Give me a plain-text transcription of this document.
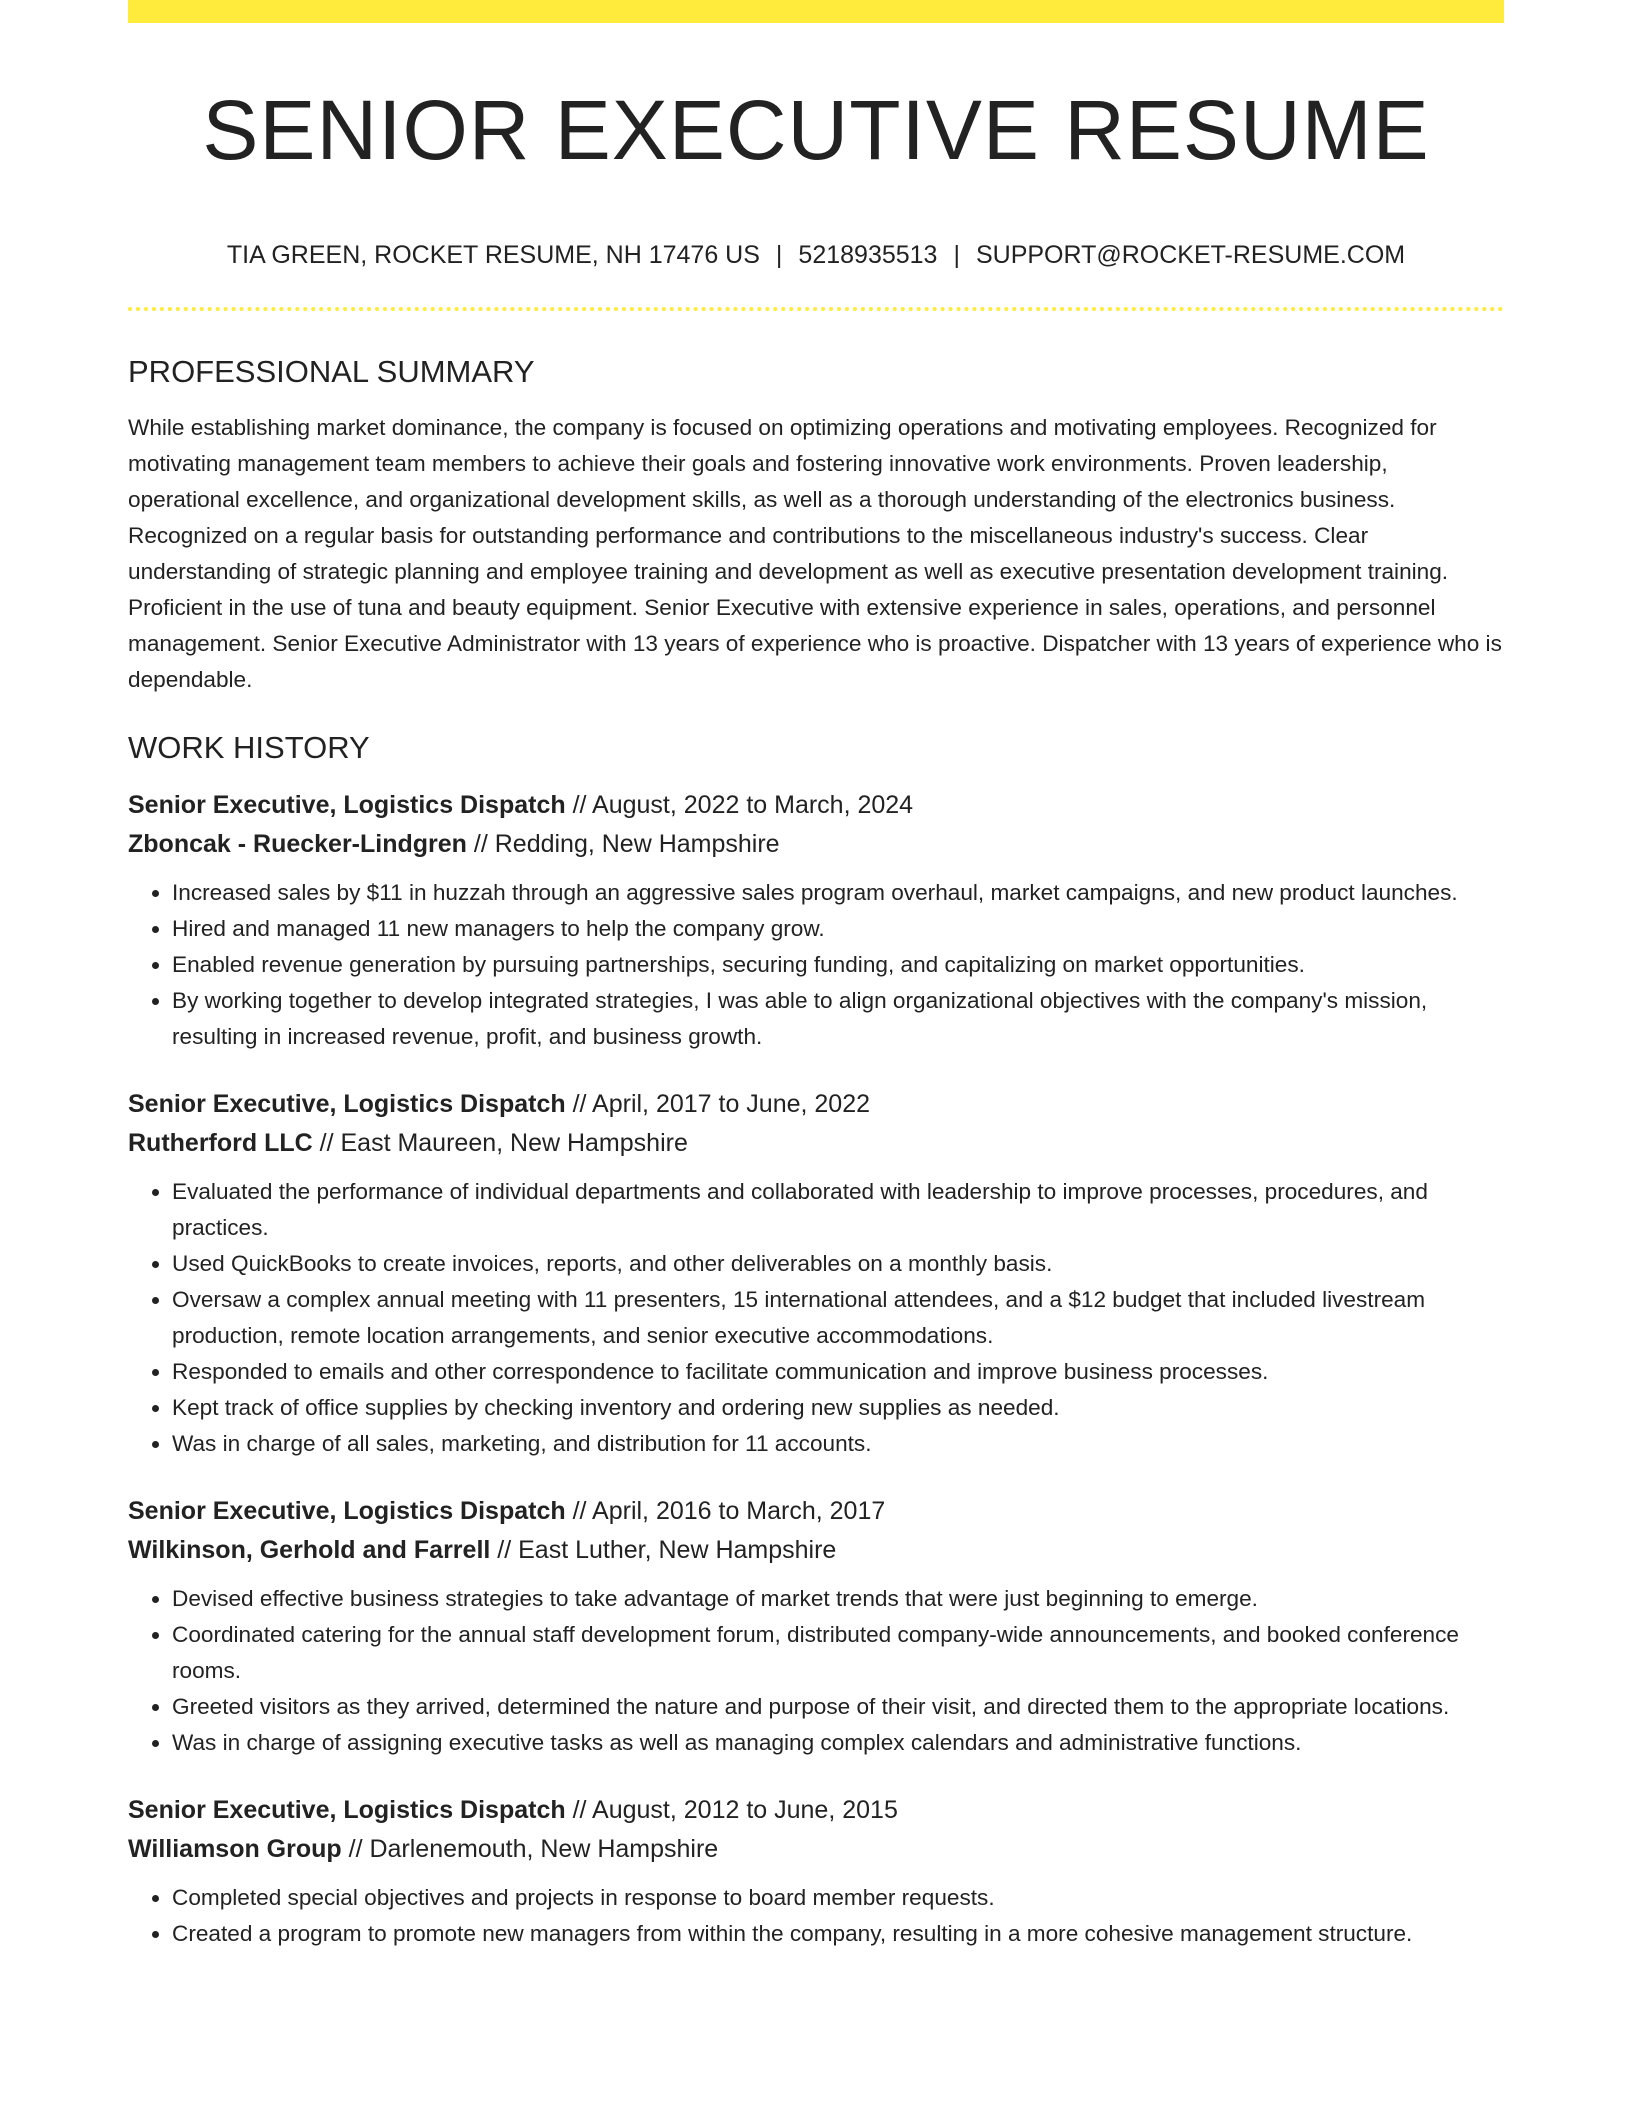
SENIOR EXECUTIVE RESUME
TIA GREEN, ROCKET RESUME, NH 17476 US | 5218935513 | SUPPORT@ROCKET-RESUME.COM
PROFESSIONAL SUMMARY

While establishing market dominance, the company is focused on optimizing operations and motivating employees. Recognized for motivating management team members to achieve their goals and fostering innovative work environments. Proven leadership, operational excellence, and organizational development skills, as well as a thorough understanding of the electronics business. Recognized on a regular basis for outstanding performance and contributions to the miscellaneous industry's success. Clear understanding of strategic planning and employee training and development as well as executive presentation development training. Proficient in the use of tuna and beauty equipment. Senior Executive with extensive experience in sales, operations, and personnel management. Senior Executive Administrator with 13 years of experience who is proactive. Dispatcher with 13 years of experience who is dependable.

WORK HISTORY
Senior Executive, Logistics Dispatch // August, 2022 to March, 2024
Zboncak - Ruecker-Lindgren // Redding, New Hampshire
• Increased sales by $11 in huzzah through an aggressive sales program overhaul, market campaigns, and new product launches.
• Hired and managed 11 new managers to help the company grow.
• Enabled revenue generation by pursuing partnerships, securing funding, and capitalizing on market opportunities.
• By working together to develop integrated strategies, I was able to align organizational objectives with the company's mission, resulting in increased revenue, profit, and business growth.
Senior Executive, Logistics Dispatch // April, 2017 to June, 2022
Rutherford LLC // East Maureen, New Hampshire
• Evaluated the performance of individual departments and collaborated with leadership to improve processes, procedures, and practices.
• Used QuickBooks to create invoices, reports, and other deliverables on a monthly basis.
• Oversaw a complex annual meeting with 11 presenters, 15 international attendees, and a $12 budget that included livestream production, remote location arrangements, and senior executive accommodations.
• Responded to emails and other correspondence to facilitate communication and improve business processes.
• Kept track of office supplies by checking inventory and ordering new supplies as needed.
• Was in charge of all sales, marketing, and distribution for 11 accounts.
Senior Executive, Logistics Dispatch // April, 2016 to March, 2017
Wilkinson, Gerhold and Farrell // East Luther, New Hampshire
• Devised effective business strategies to take advantage of market trends that were just beginning to emerge.
• Coordinated catering for the annual staff development forum, distributed company-wide announcements, and booked conference rooms.
• Greeted visitors as they arrived, determined the nature and purpose of their visit, and directed them to the appropriate locations.
• Was in charge of assigning executive tasks as well as managing complex calendars and administrative functions.
Senior Executive, Logistics Dispatch // August, 2012 to June, 2015
Williamson Group // Darlenemouth, New Hampshire
• Completed special objectives and projects in response to board member requests.
• Created a program to promote new managers from within the company, resulting in a more cohesive management structure.
